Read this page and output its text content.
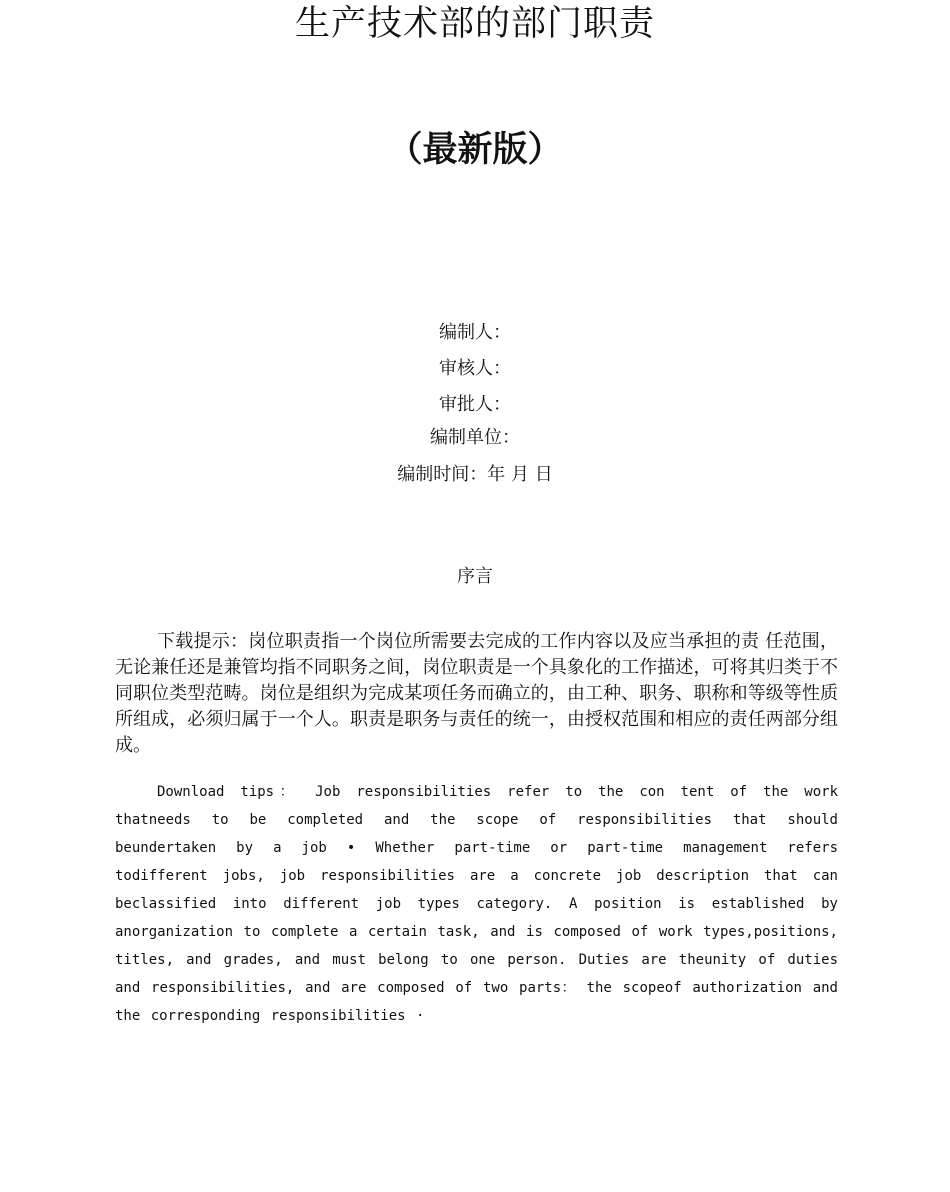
生产技术部的部门职责
（最新版）
编制人：
审核人：
审批人：
编制单位：
编制时间：年 月 日
序言

下载提示：岗位职责指一个岗位所需要去完成的工作内容以及应当承担的责 任范围，无论兼任还是兼管均指不同职务之间，岗位职责是一个具象化的工作描述，可将其归类于不同职位类型范畴。岗位是组织为完成某项任务而确立的，由工种、职务、职称和等级等性质所组成，必须归属于一个人。职责是职务与责任的统一，由授权范围和相应的责任两部分组成。

Download tips： Job responsibilities refer to the con tent of the work thatneeds to be completed and the scope of responsibilities that should beundertaken by a job • Whether part-time or part-time management refers todifferent jobs, job responsibilities are a concrete job description that can beclassified into different job types category. A position is established by anorganization to complete a certain task, and is composed of work types,positions, titles, and grades, and must belong to one person. Duties are theunity of duties and responsibilities, and are composed of two parts： the scopeof authorization and the corresponding responsibilities ·
